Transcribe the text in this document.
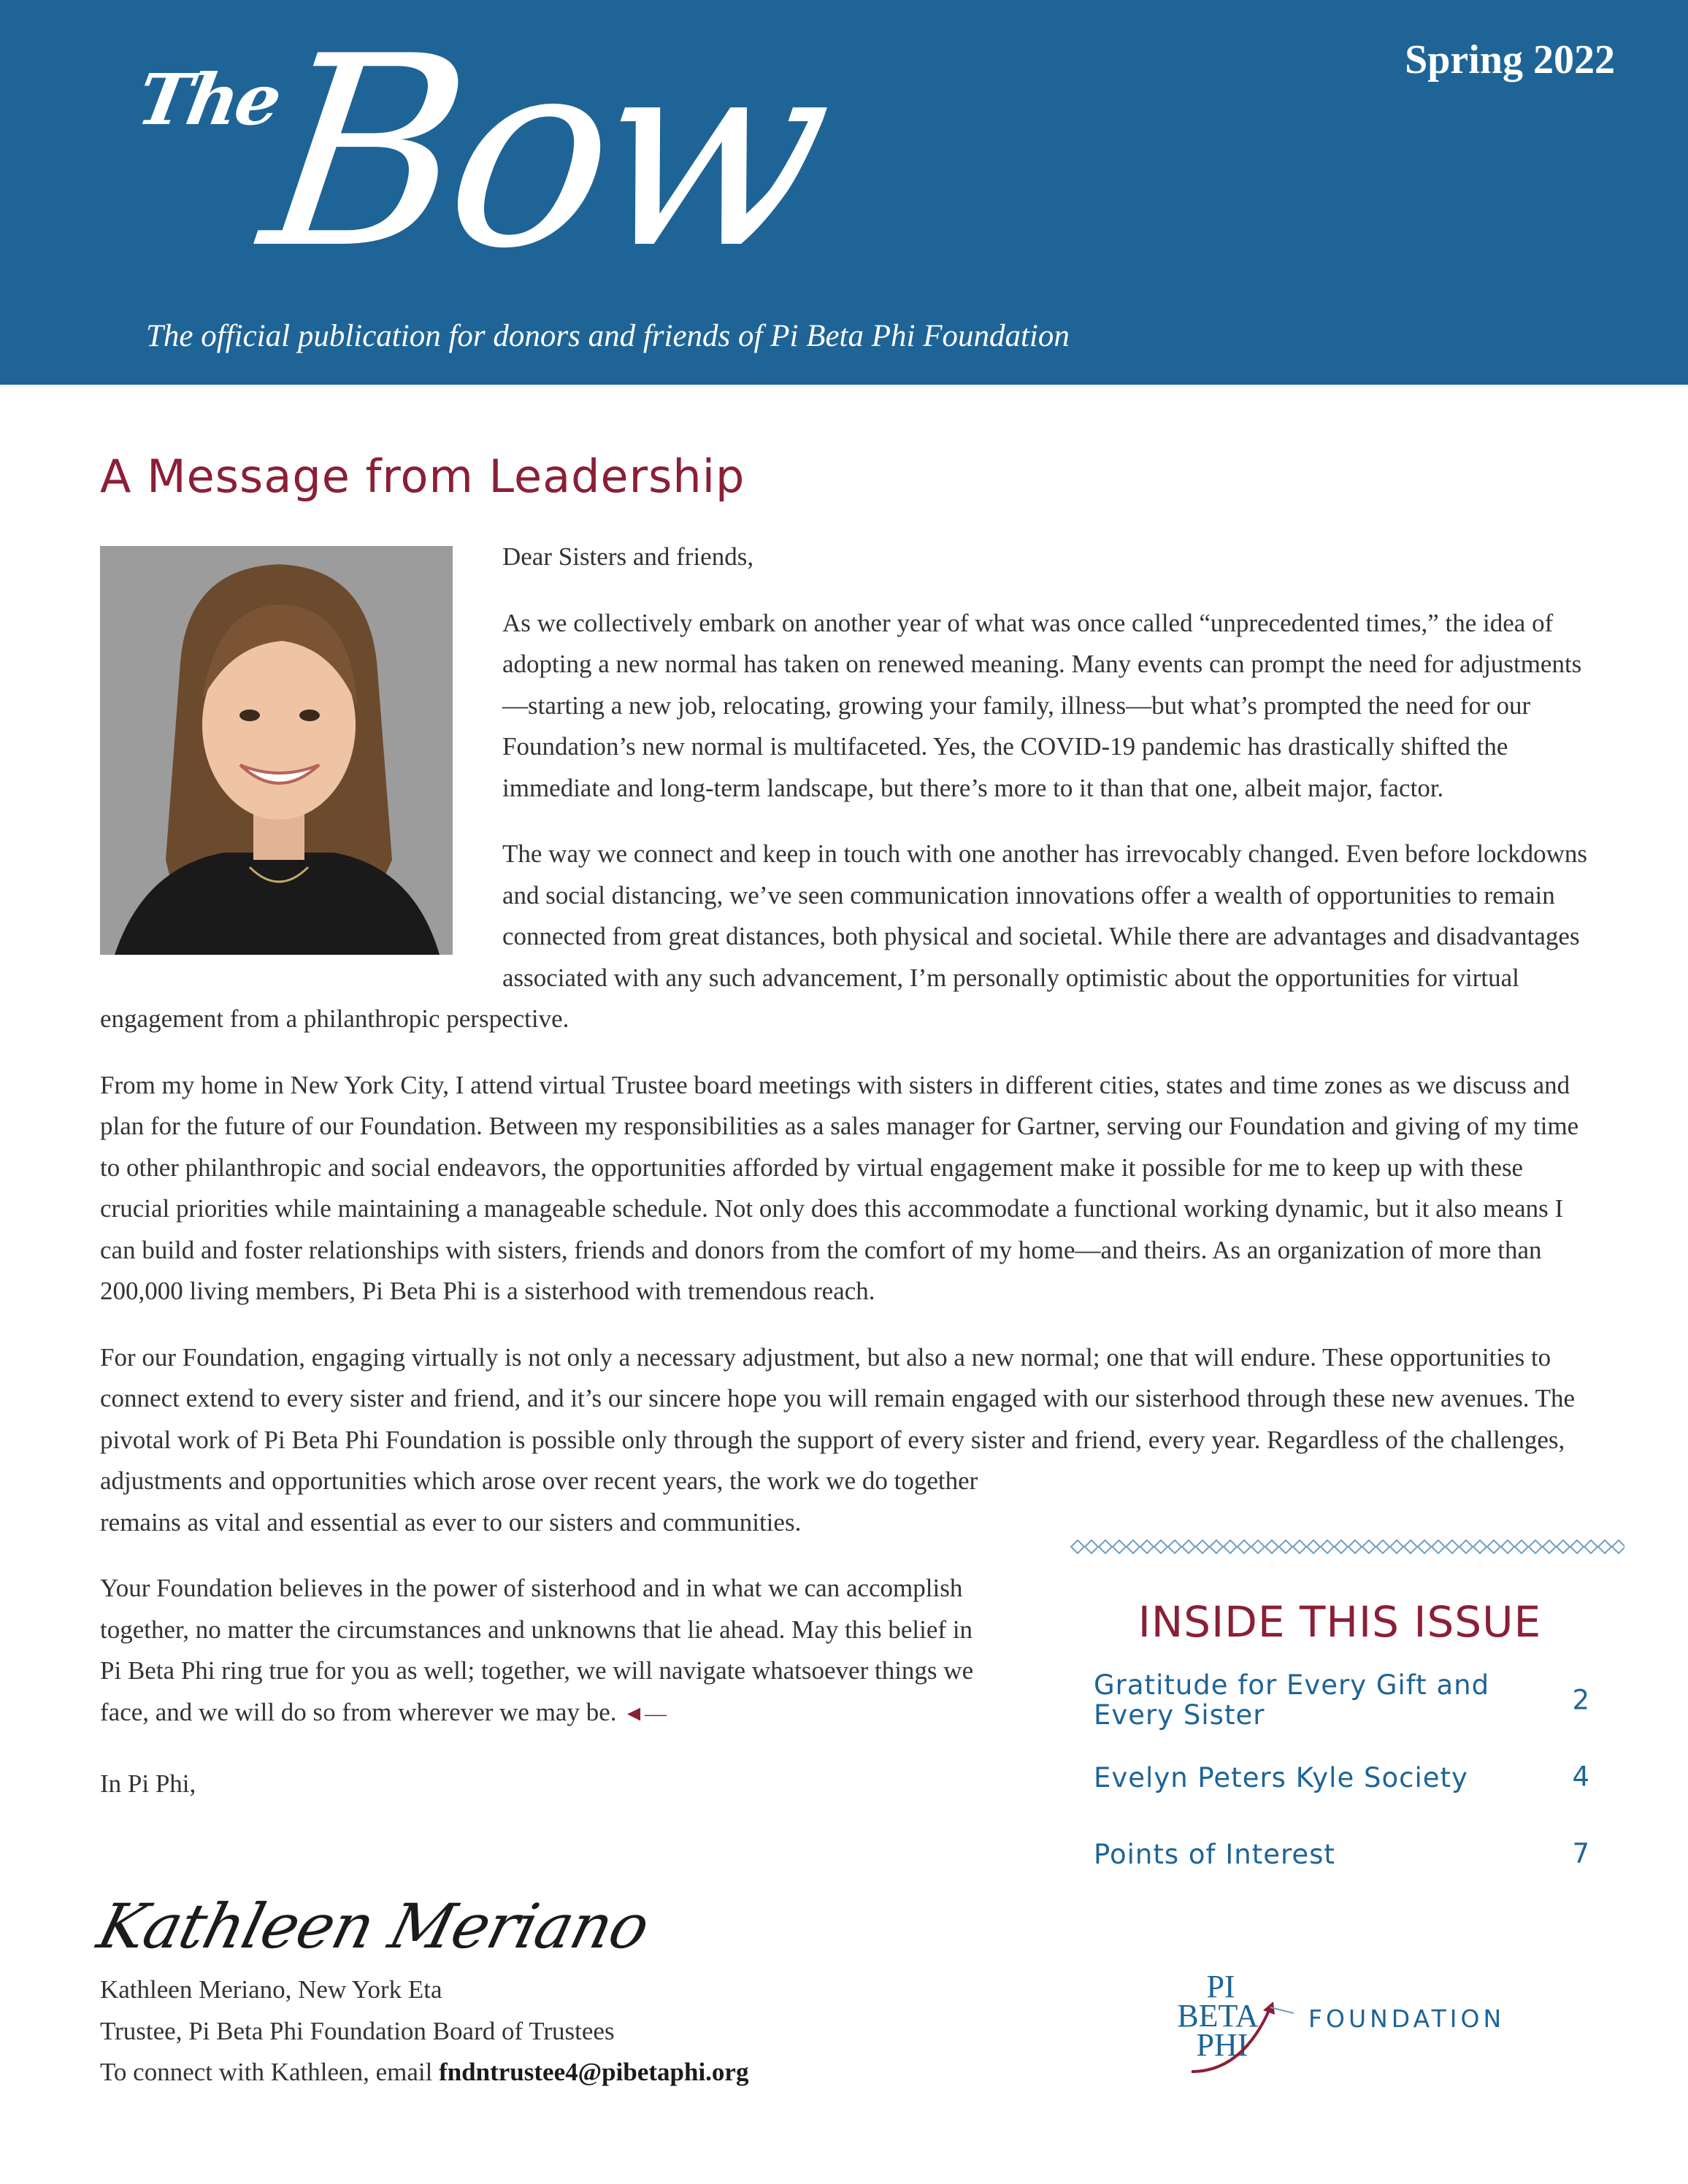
The
Bow	Spring 2022
The official publication for donors and friends of Pi Beta Phi Foundation
A Message from Leadership

Dear Sisters and friends,

As we collectively embark on another year of what was once called “unprecedented times,” the idea of adopting a new normal has taken on renewed meaning. Many events can prompt the need for adjustments—starting a new job, relocating, growing your family, illness—but what’s prompted the need for our Foundation’s new normal is multifaceted. Yes, the COVID-19 pandemic has drastically shifted the immediate and long-term landscape, but there’s more to it than that one, albeit major, factor.

The way we connect and keep in touch with one another has irrevocably changed. Even before lockdowns and social distancing, we’ve seen communication innovations offer a wealth of opportunities to remain connected from great distances, both physical and societal. While there are advantages and disadvantages associated with any such advancement, I’m personally optimistic about the opportunities for virtual engagement from a philanthropic perspective.

From my home in New York City, I attend virtual Trustee board meetings with sisters in different cities, states and time zones as we discuss and plan for the future of our Foundation. Between my responsibilities as a sales manager for Gartner, serving our Foundation and giving of my time to other philanthropic and social endeavors, the opportunities afforded by virtual engagement make it possible for me to keep up with these crucial priorities while maintaining a manageable schedule. Not only does this accommodate a functional working dynamic, but it also means I can build and foster relationships with sisters, friends and donors from the comfort of my home—and theirs. As an organization of more than 200,000 living members, Pi Beta Phi is a sisterhood with tremendous reach.

For our Foundation, engaging virtually is not only a necessary adjustment, but also a new normal; one that will endure. These opportunities to connect extend to every sister and friend, and it’s our sincere hope you will remain engaged with our sisterhood through these new avenues. The pivotal work of Pi Beta Phi Foundation is possible only through the support of every sister and friend, every year. Regardless of the challenges, adjustments and opportunities which arose over recent years, the work we do together remains as vital and essential as ever to our sisters and communities.

Your Foundation believes in the power of sisterhood and in what we can accomplish together, no matter the circumstances and unknowns that lie ahead. May this belief in Pi Beta Phi ring true for you as well; together, we will navigate whatsoever things we face, and we will do so from wherever we may be. ◄—

In Pi Phi,

Kathleen Meriano
Kathleen Meriano, New York Eta
Trustee, Pi Beta Phi Foundation Board of Trustees
To connect with Kathleen, email fndntrustee4@pibetaphi.org
INSIDE THIS ISSUE
Gratitude for Every Gift and Every Sister	2
Evelyn Peters Kyle Society	4
Points of Interest	7
PI
BETA
PHI
FOUNDATION
